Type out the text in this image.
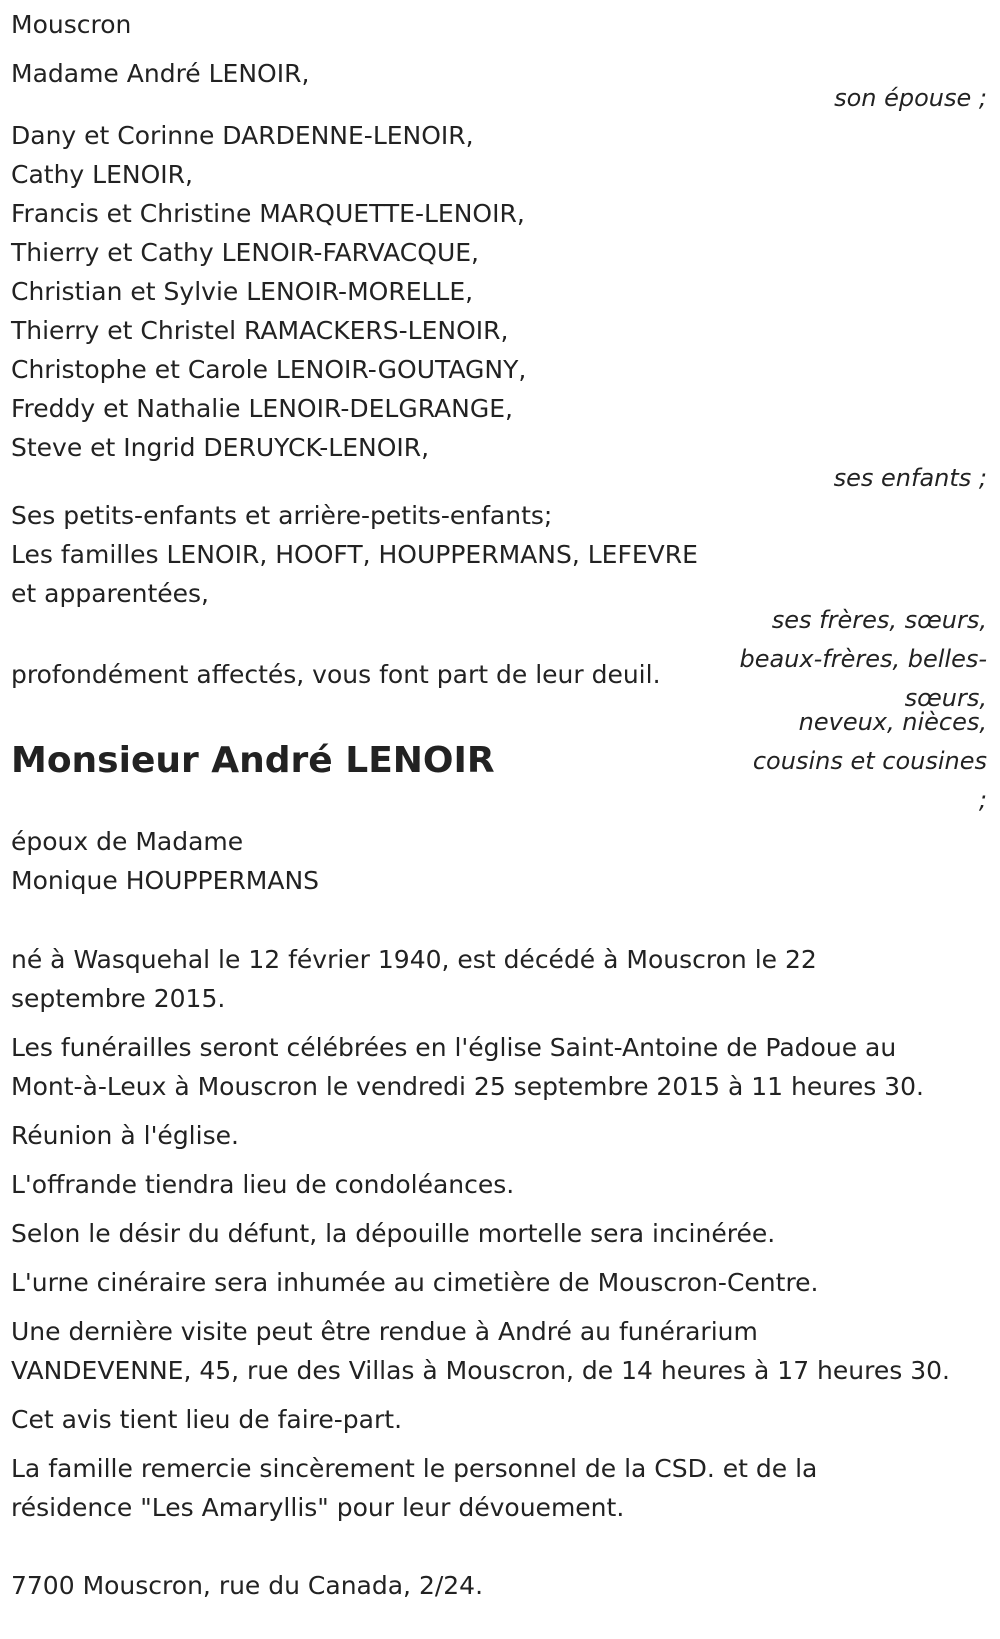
Mouscron
Madame André LENOIR,
son épouse ;
Dany et Corinne DARDENNE-LENOIR,
Cathy LENOIR,
Francis et Christine MARQUETTE-LENOIR,
Thierry et Cathy LENOIR-FARVACQUE,
Christian et Sylvie LENOIR-MORELLE,
Thierry et Christel RAMACKERS-LENOIR,
Christophe et Carole LENOIR-GOUTAGNY,
Freddy et Nathalie LENOIR-DELGRANGE,
Steve et Ingrid DERUYCK-LENOIR,
ses enfants ;
Ses petits-enfants et arrière-petits-enfants;
Les familles LENOIR, HOOFT, HOUPPERMANS, LEFEVRE
et apparentées,
ses frères, sœurs,
beaux-frères, belles-
sœurs,
neveux, nièces,
cousins et cousines
;
profondément affectés, vous font part de leur deuil.
Monsieur André LENOIR
époux de Madame
Monique HOUPPERMANS
né à Wasquehal le 12 février 1940, est décédé à Mouscron le 22
septembre 2015.
Les funérailles seront célébrées en l'église Saint-Antoine de Padoue au
Mont-à-Leux à Mouscron le vendredi 25 septembre 2015 à 11 heures 30.
Réunion à l'église.
L'offrande tiendra lieu de condoléances.
Selon le désir du défunt, la dépouille mortelle sera incinérée.
L'urne cinéraire sera inhumée au cimetière de Mouscron-Centre.
Une dernière visite peut être rendue à André au funérarium
VANDEVENNE, 45, rue des Villas à Mouscron, de 14 heures à 17 heures 30.
Cet avis tient lieu de faire-part.
La famille remercie sincèrement le personnel de la CSD. et de la
résidence "Les Amaryllis" pour leur dévouement.
7700 Mouscron, rue du Canada, 2/24.
